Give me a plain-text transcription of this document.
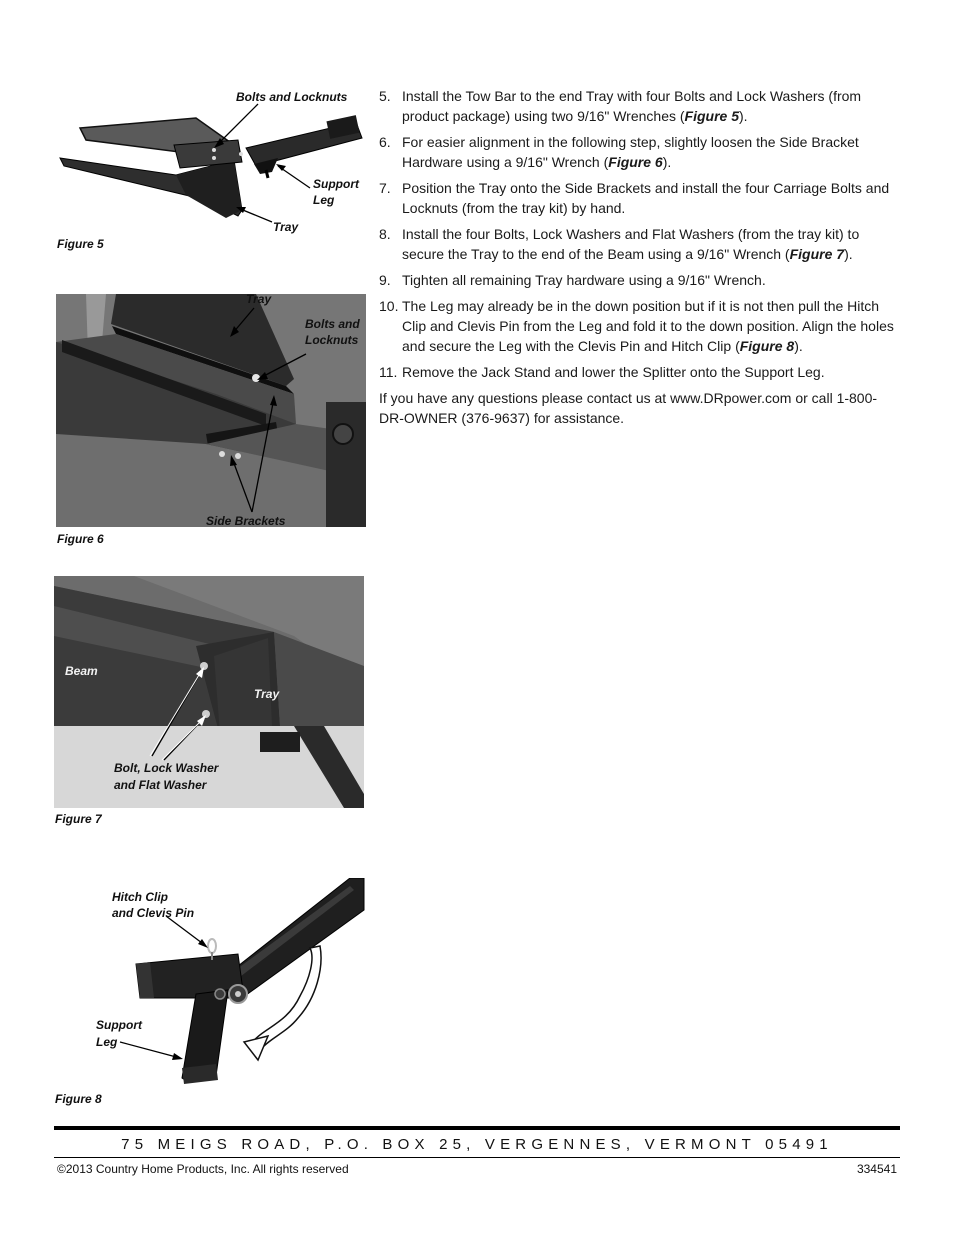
Bolts and Locknuts
Support
Leg
Tray
Figure 5
Tray
Bolts and
Locknuts
Side Brackets
Figure 6
Beam
Tray
Bolt, Lock Washer
and Flat Washer
Figure 7
Hitch Clip
and Clevis Pin
Support
Leg
Figure 8
5. Install the Tow Bar to the end Tray with four Bolts and Lock Washers (from product package) using two 9/16" Wrenches (Figure 5).
6. For easier alignment in the following step, slightly loosen the Side Bracket Hardware using a 9/16" Wrench (Figure 6).
7. Position the Tray onto the Side Brackets and install the four Carriage Bolts and Locknuts (from the tray kit) by hand.
8. Install the four Bolts, Lock Washers and Flat Washers (from the tray kit) to secure the Tray to the end of the Beam using a 9/16" Wrench (Figure 7).
9. Tighten all remaining Tray hardware using a 9/16" Wrench.
10. The Leg may already be in the down position but if it is not then pull the Hitch Clip and Clevis Pin from the Leg and fold it to the down position. Align the holes and secure the Leg with the Clevis Pin and Hitch Clip (Figure 8).
11. Remove the Jack Stand and lower the Splitter onto the Support Leg.
If you have any questions please contact us at www.DRpower.com or call 1-800-DR-OWNER (376-9637) for assistance.
75 MEIGS ROAD, P.O. BOX 25, VERGENNES, VERMONT 05491
©2013 Country Home Products, Inc. All rights reserved	334541
